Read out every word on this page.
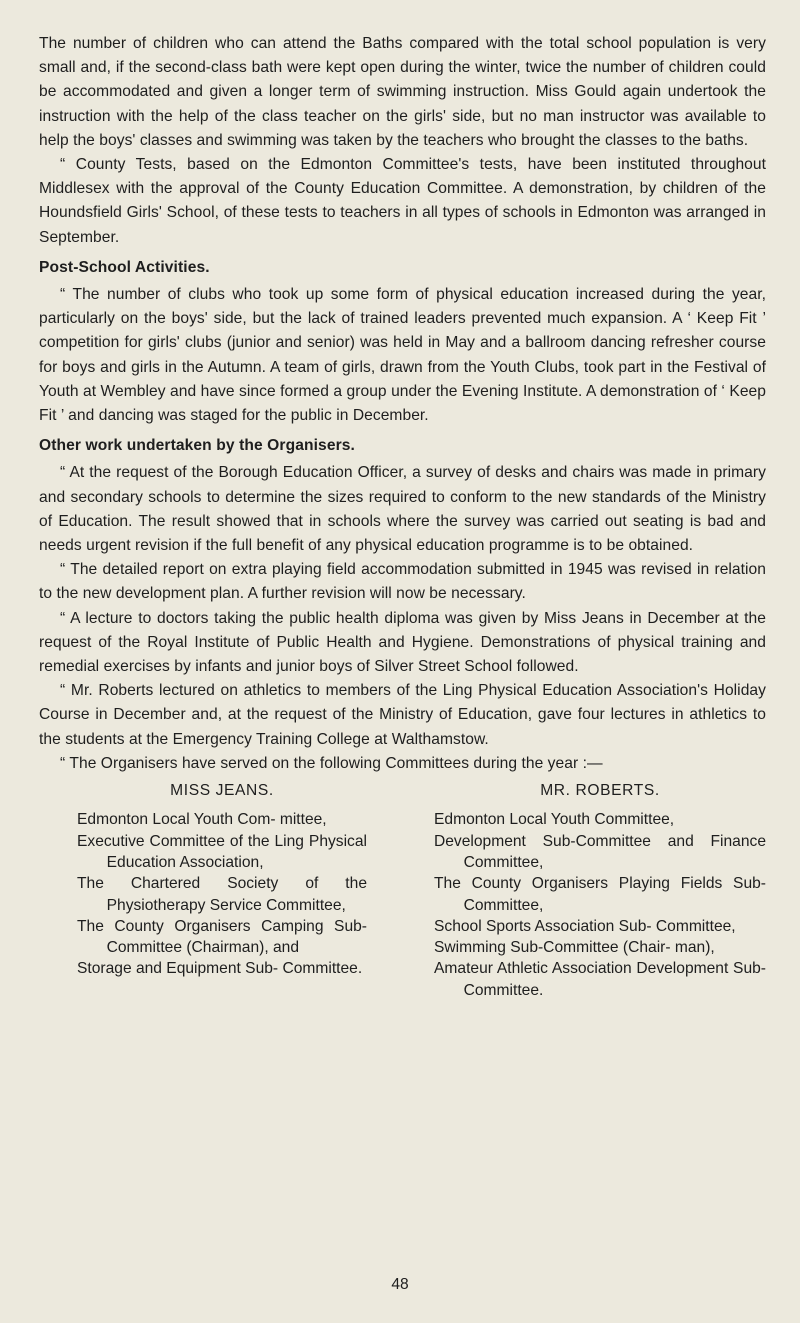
The number of children who can attend the Baths compared with the total school population is very small and, if the second-class bath were kept open during the winter, twice the number of children could be accommodated and given a longer term of swimming instruction. Miss Gould again undertook the instruction with the help of the class teacher on the girls' side, but no man instructor was available to help the boys' classes and swimming was taken by the teachers who brought the classes to the baths.

“ County Tests, based on the Edmonton Committee's tests, have been instituted throughout Middlesex with the approval of the County Education Committee. A demonstration, by children of the Houndsfield Girls' School, of these tests to teachers in all types of schools in Edmonton was arranged in September.

Post-School Activities.

“ The number of clubs who took up some form of physical education increased during the year, particularly on the boys' side, but the lack of trained leaders prevented much expansion. A ‘ Keep Fit ’ competition for girls' clubs (junior and senior) was held in May and a ballroom dancing refresher course for boys and girls in the Autumn. A team of girls, drawn from the Youth Clubs, took part in the Festival of Youth at Wembley and have since formed a group under the Evening Institute. A demonstration of ‘ Keep Fit ’ and dancing was staged for the public in December.

Other work undertaken by the Organisers.

“ At the request of the Borough Education Officer, a survey of desks and chairs was made in primary and secondary schools to determine the sizes required to conform to the new standards of the Ministry of Education. The result showed that in schools where the survey was carried out seating is bad and needs urgent revision if the full benefit of any physical education programme is to be obtained.

“ The detailed report on extra playing field accommodation submitted in 1945 was revised in relation to the new development plan. A further revision will now be necessary.

“ A lecture to doctors taking the public health diploma was given by Miss Jeans in December at the request of the Royal Institute of Public Health and Hygiene. Demonstrations of physical training and remedial exercises by infants and junior boys of Silver Street School followed.

“ Mr. Roberts lectured on athletics to members of the Ling Physical Education Association's Holiday Course in December and, at the request of the Ministry of Education, gave four lectures in athletics to the students at the Emergency Training College at Walthamstow.

“ The Organisers have served on the following Committees during the year :—

MISS JEANS.
Edmonton Local Youth Com- mittee,
Executive Committee of the Ling Physical Education Association,
The Chartered Society of the Physiotherapy Service Committee,
The County Organisers Camping Sub-Committee (Chairman), and
Storage and Equipment Sub- Committee.
MR. ROBERTS.
Edmonton Local Youth Committee,
Development Sub-Committee and Finance Committee,
The County Organisers Playing Fields Sub-Committee,
School Sports Association Sub- Committee,
Swimming Sub-Committee (Chair- man),
Amateur Athletic Association Development Sub-Committee.
48
